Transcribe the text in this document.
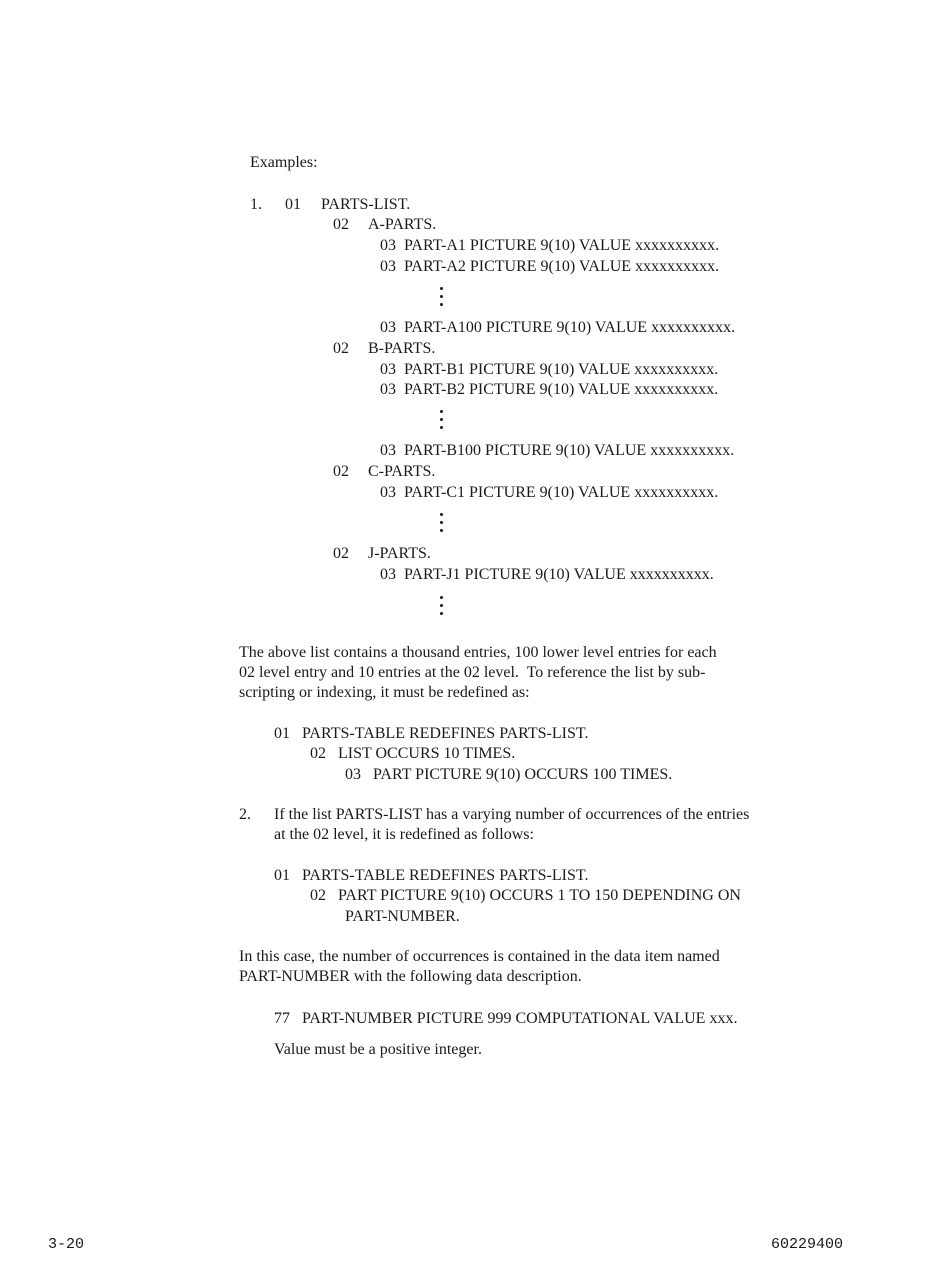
Examples:
1. 01 PARTS-LIST.
02 A-PARTS.
03  PART-A1 PICTURE 9(10) VALUE xxxxxxxxxx.
03  PART-A2 PICTURE 9(10) VALUE xxxxxxxxxx.
03  PART-A100 PICTURE 9(10) VALUE xxxxxxxxxx.
02 B-PARTS.
03  PART-B1 PICTURE 9(10) VALUE xxxxxxxxxx.
03  PART-B2 PICTURE 9(10) VALUE xxxxxxxxxx.
03  PART-B100 PICTURE 9(10) VALUE xxxxxxxxxx.
02 C-PARTS.
03  PART-C1 PICTURE 9(10) VALUE xxxxxxxxxx.
02 J-PARTS.
03  PART-J1 PICTURE 9(10) VALUE xxxxxxxxxx.
The above list contains a thousand entries, 100 lower level entries for each
02 level entry and 10 entries at the 02 level.  To reference the list by sub-
scripting or indexing, it must be redefined as:
01   PARTS-TABLE REDEFINES PARTS-LIST.
02   LIST OCCURS 10 TIMES.
03   PART PICTURE 9(10) OCCURS 100 TIMES.
2. If the list PARTS-LIST has a varying number of occurrences of the entries
at the 02 level, it is redefined as follows:
01   PARTS-TABLE REDEFINES PARTS-LIST.
02   PART PICTURE 9(10) OCCURS 1 TO 150 DEPENDING ON
PART-NUMBER.
In this case, the number of occurrences is contained in the data item named
PART-NUMBER with the following data description.
77   PART-NUMBER PICTURE 999 COMPUTATIONAL VALUE xxx.
Value must be a positive integer.
3-20	60229400
